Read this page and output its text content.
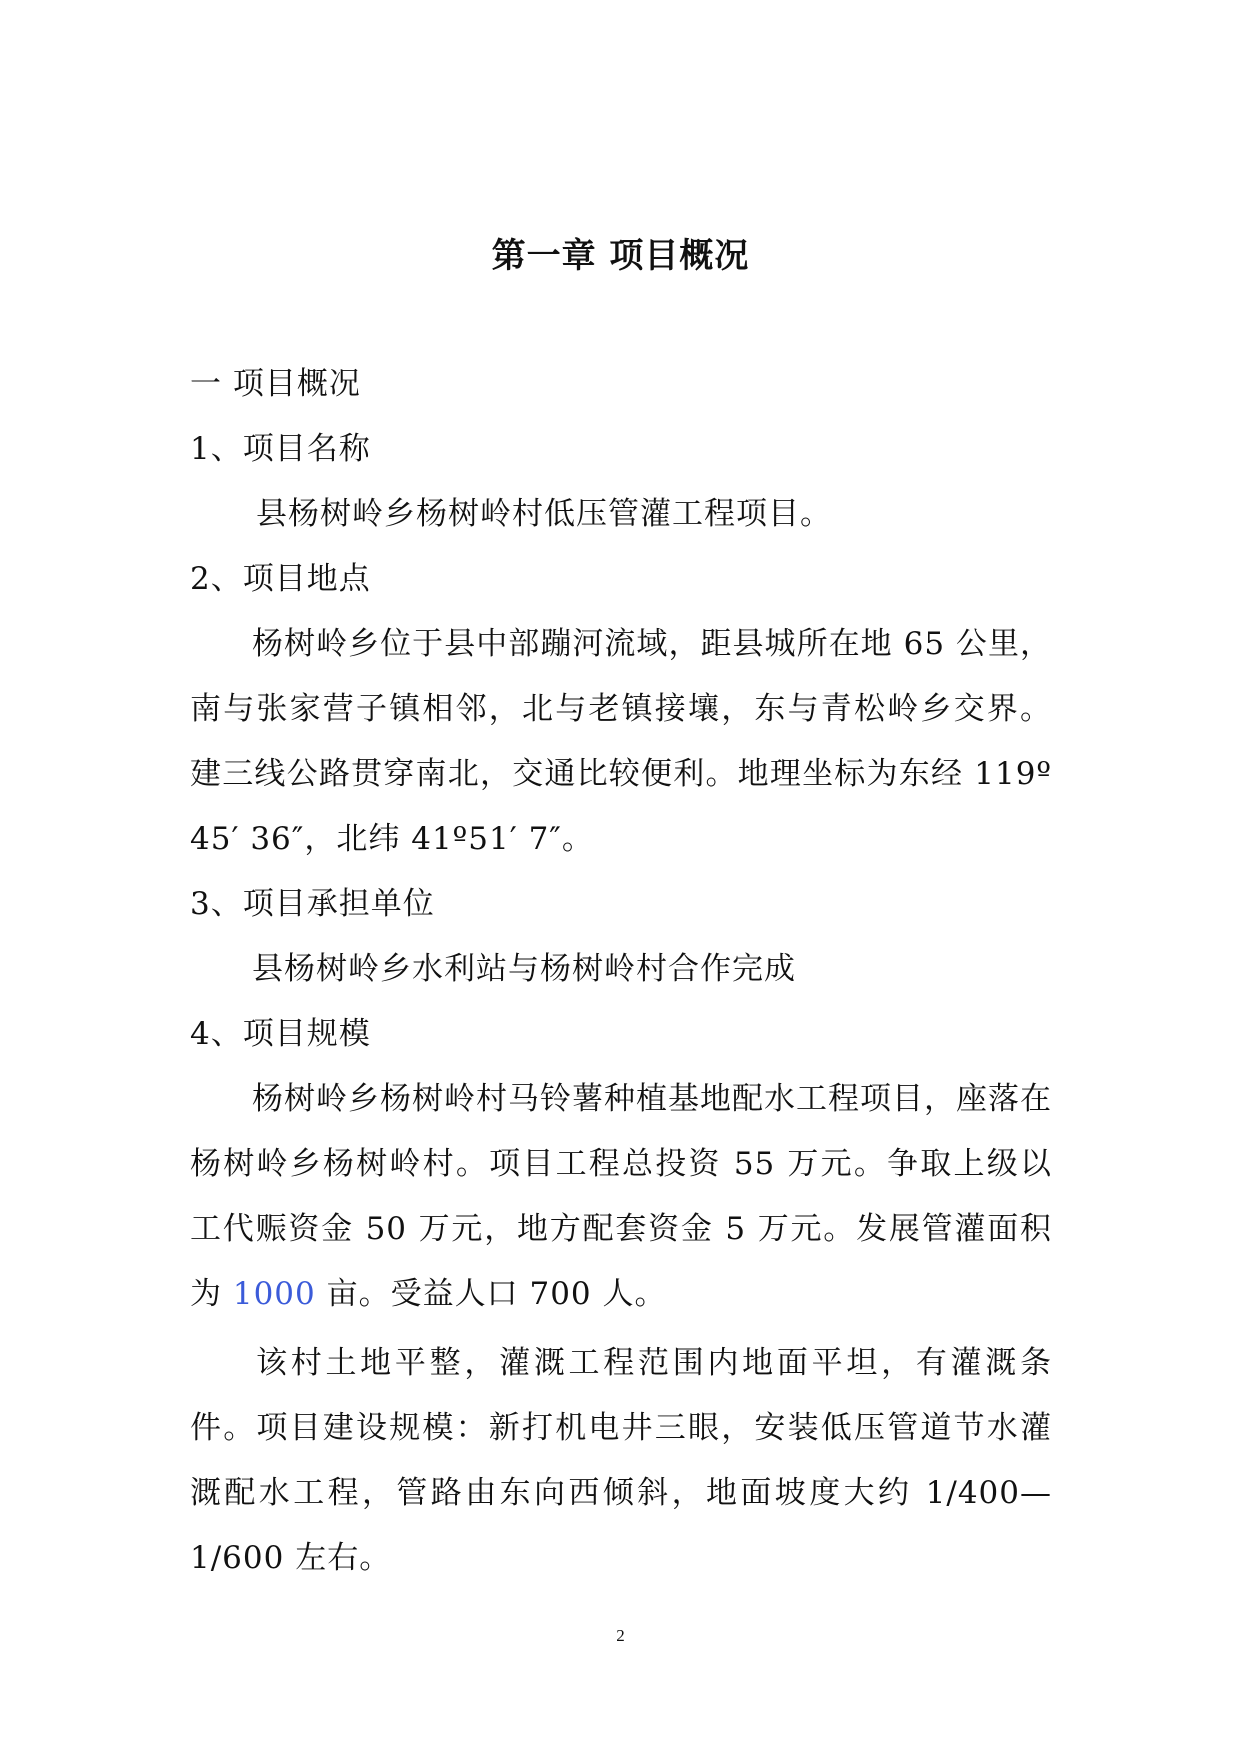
第一章 项目概况

一 项目概况

1、项目名称

县杨树岭乡杨树岭村低压管灌工程项目。

2、项目地点

杨树岭乡位于县中部蹦河流域，距县城所在地 65 公里，南与张家营子镇相邻，北与老镇接壤，东与青松岭乡交界。建三线公路贯穿南北，交通比较便利。地理坐标为东经 119º 45′ 36″，北纬 41º51′ 7″。

3、项目承担单位

县杨树岭乡水利站与杨树岭村合作完成

4、项目规模

杨树岭乡杨树岭村马铃薯种植基地配水工程项目，座落在杨树岭乡杨树岭村。项目工程总投资 55 万元。争取上级以工代赈资金 50 万元，地方配套资金 5 万元。发展管灌面积为 1000 亩。受益人口 700 人。

该村土地平整，灌溉工程范围内地面平坦，有灌溉条件。项目建设规模：新打机电井三眼，安装低压管道节水灌溉配水工程，管路由东向西倾斜，地面坡度大约 1/400—1/600 左右。

2
